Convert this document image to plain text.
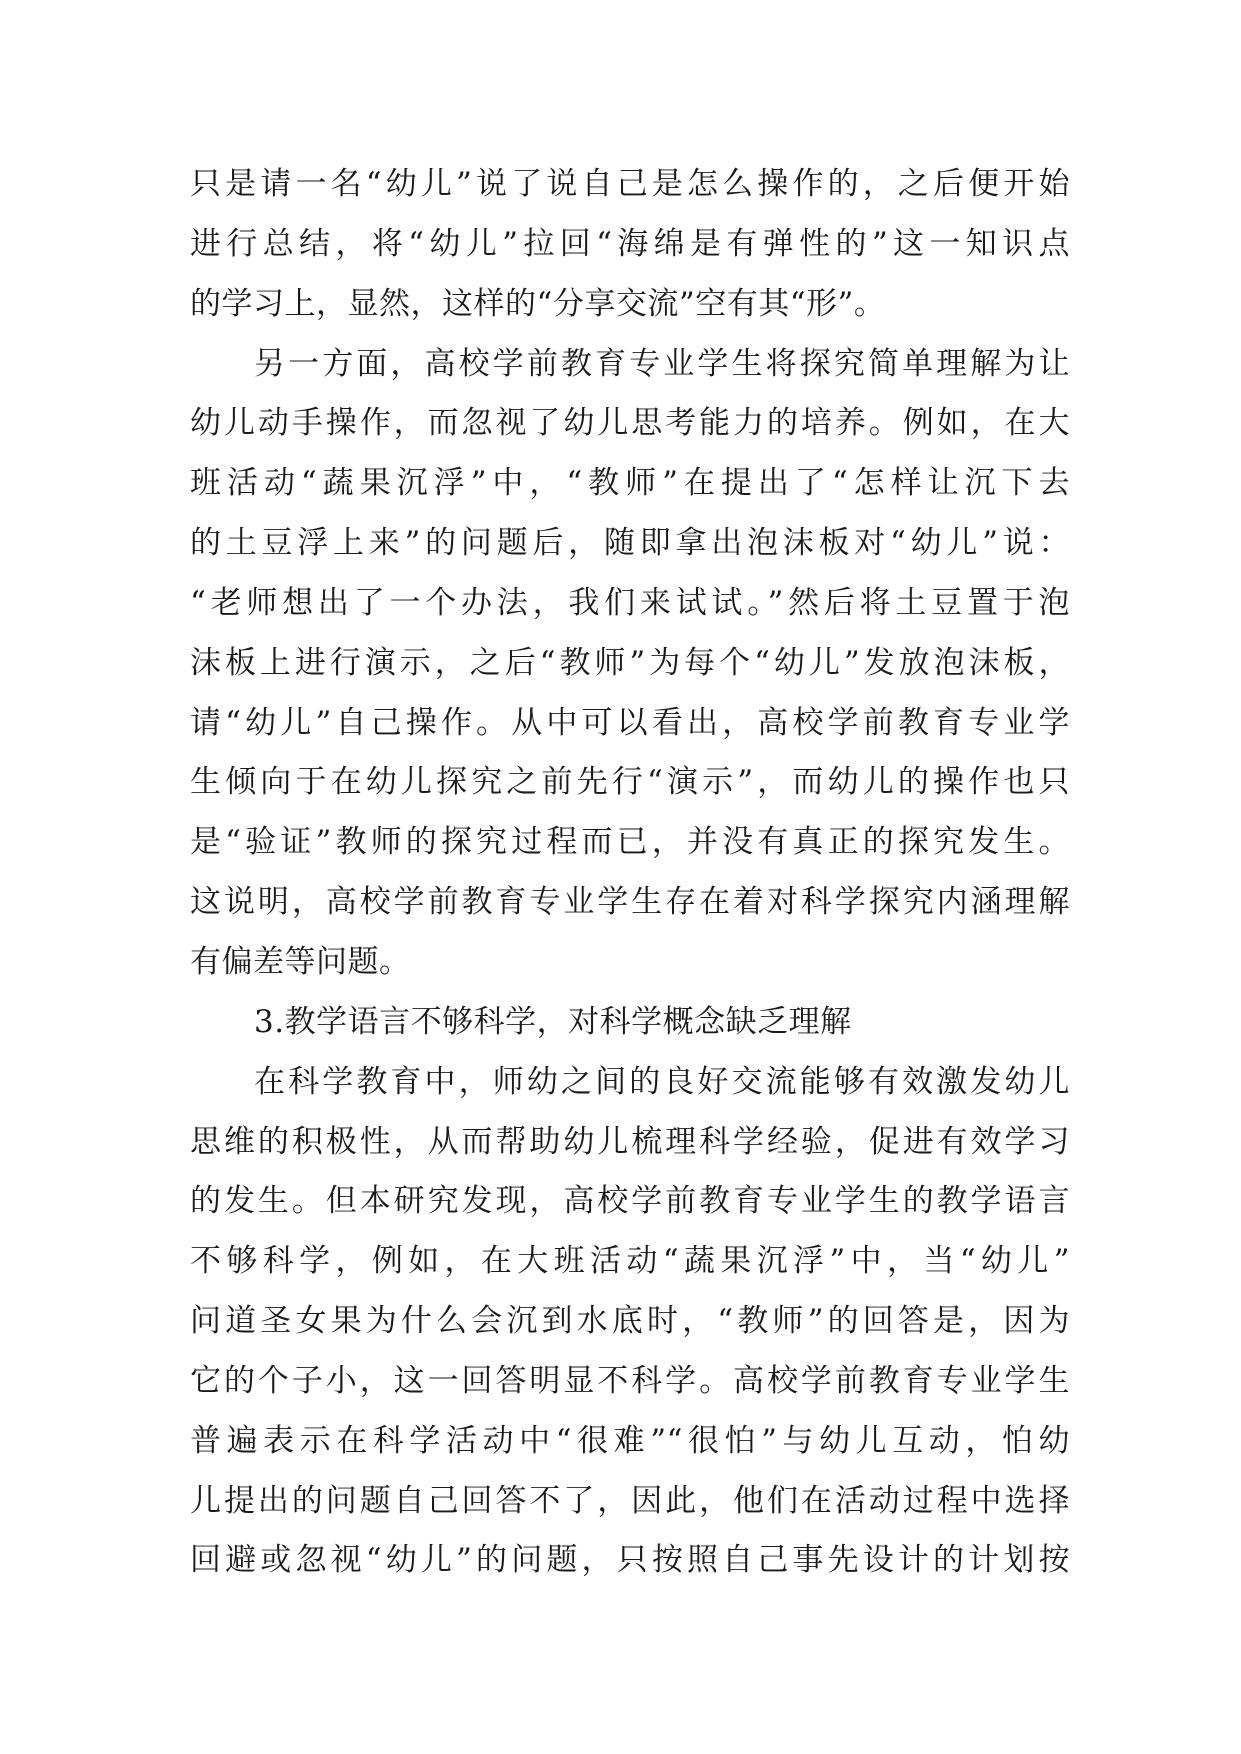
只是请一名“幼儿”说了说自己是怎么操作的，之后便开始
进行总结，将“幼儿”拉回“海绵是有弹性的”这一知识点
的学习上，显然，这样的“分享交流”空有其“形”。
另一方面，高校学前教育专业学生将探究简单理解为让
幼儿动手操作，而忽视了幼儿思考能力的培养。例如，在大
班活动“蔬果沉浮”中，“教师”在提出了“怎样让沉下去
的土豆浮上来”的问题后，随即拿出泡沫板对“幼儿”说：
“老师想出了一个办法，我们来试试。”然后将土豆置于泡
沫板上进行演示，之后“教师”为每个“幼儿”发放泡沫板，
请“幼儿”自己操作。从中可以看出，高校学前教育专业学
生倾向于在幼儿探究之前先行“演示”，而幼儿的操作也只
是“验证”教师的探究过程而已，并没有真正的探究发生。
这说明，高校学前教育专业学生存在着对科学探究内涵理解
有偏差等问题。
3.教学语言不够科学，对科学概念缺乏理解
在科学教育中，师幼之间的良好交流能够有效激发幼儿
思维的积极性，从而帮助幼儿梳理科学经验，促进有效学习
的发生。但本研究发现，高校学前教育专业学生的教学语言
不够科学，例如，在大班活动“蔬果沉浮”中，当“幼儿”
问道圣女果为什么会沉到水底时，“教师”的回答是，因为
它的个子小，这一回答明显不科学。高校学前教育专业学生
普遍表示在科学活动中“很难”“很怕”与幼儿互动，怕幼
儿提出的问题自己回答不了，因此，他们在活动过程中选择
回避或忽视“幼儿”的问题，只按照自己事先设计的计划按
